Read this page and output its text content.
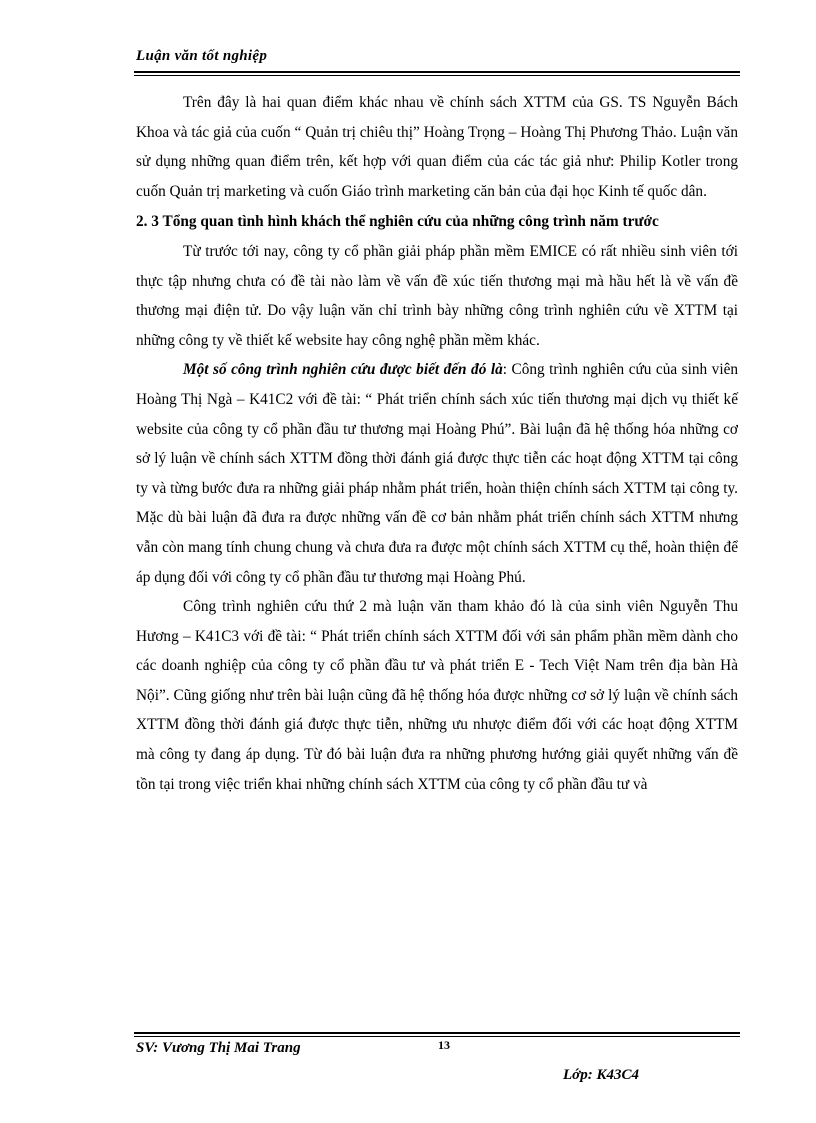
Luận văn tốt nghiệp

Trên đây là hai quan điểm khác nhau về chính sách XTTM của GS. TS Nguyễn Bách Khoa và tác giả của cuốn “ Quản trị chiêu thị” Hoàng Trọng – Hoàng Thị Phương Thảo. Luận văn sử dụng những quan điểm trên, kết hợp với quan điểm của các tác giả như: Philip Kotler trong cuốn Quản trị marketing và cuốn Giáo trình marketing căn bản của đại học Kinh tế quốc dân.

2. 3 Tổng quan tình hình khách thể nghiên cứu của những công trình năm trước

Từ trước tới nay, công ty cổ phần giải pháp phần mềm EMICE có rất nhiều sinh viên tới thực tập nhưng chưa có đề tài nào làm về vấn đề xúc tiến thương mại mà hầu hết là về vấn đề thương mại điện tử. Do vậy luận văn chỉ trình bày những công trình nghiên cứu về XTTM tại những công ty về thiết kế website hay công nghệ phần mềm khác.

Một số công trình nghiên cứu được biết đến đó là: Công trình nghiên cứu của sinh viên Hoàng Thị Ngà – K41C2 với đề tài: “ Phát triển chính sách xúc tiến thương mại dịch vụ thiết kế website của công ty cổ phần đầu tư thương mại Hoàng Phú”. Bài luận đã hệ thống hóa những cơ sở lý luận về chính sách XTTM đồng thời đánh giá được thực tiễn các hoạt động XTTM tại công ty và từng bước đưa ra những giải pháp nhằm phát triển, hoàn thiện chính sách XTTM tại công ty. Mặc dù bài luận đã đưa ra được những vấn đề cơ bản nhằm phát triển chính sách XTTM nhưng vẫn còn mang tính chung chung và chưa đưa ra được một chính sách XTTM cụ thể, hoàn thiện để áp dụng đối với công ty cổ phần đầu tư thương mại Hoàng Phú.

Công trình nghiên cứu thứ 2 mà luận văn tham khảo đó là của sinh viên Nguyễn Thu Hương – K41C3 với đề tài: “ Phát triển chính sách XTTM đối với sản phẩm phần mềm dành cho các doanh nghiệp của công ty cổ phần đầu tư và phát triển E - Tech Việt Nam trên địa bàn Hà Nội”. Cũng giống như trên bài luận cũng đã hệ thống hóa được những cơ sở lý luận về chính sách XTTM đồng thời đánh giá được thực tiễn, những ưu nhược điểm đối với các hoạt động XTTM mà công ty đang áp dụng. Từ đó bài luận đưa ra những phương hướng giải quyết những vấn đề tồn tại trong việc triển khai những chính sách XTTM của công ty cổ phần đầu tư và

SV: Vương Thị Mai Trang	13
Lớp: K43C4
